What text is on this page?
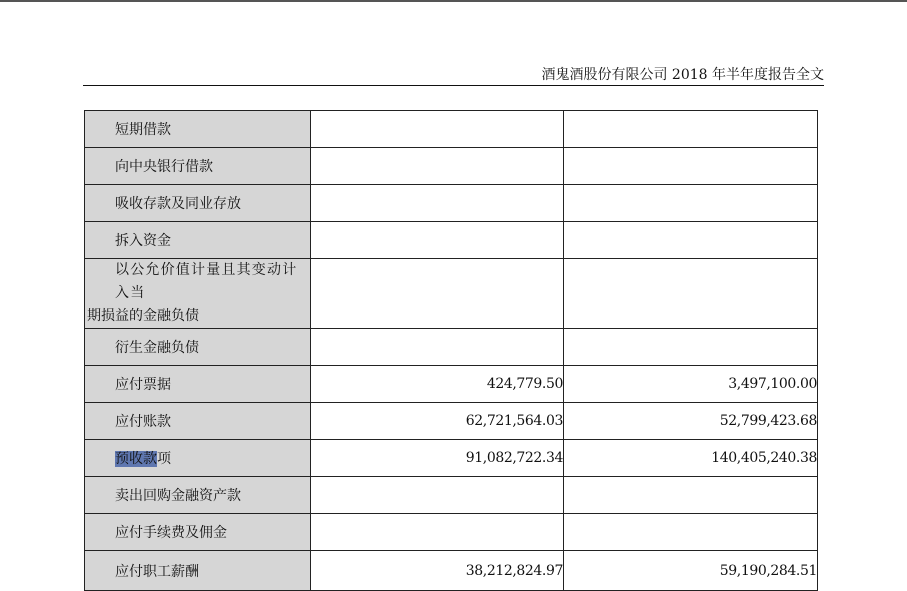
酒鬼酒股份有限公司 2018 年半年度报告全文
短期借款		
向中央银行借款		
吸收存款及同业存放		
拆入资金		

以公允价值计量且其变动计入当
期损益的金融负债		

衍生金融负债		
应付票据	424,779.50	3,497,100.00
应付账款	62,721,564.03	52,799,423.68
预收款项	91,082,722.34	140,405,240.38
卖出回购金融资产款		
应付手续费及佣金		
应付职工薪酬	38,212,824.97	59,190,284.51
